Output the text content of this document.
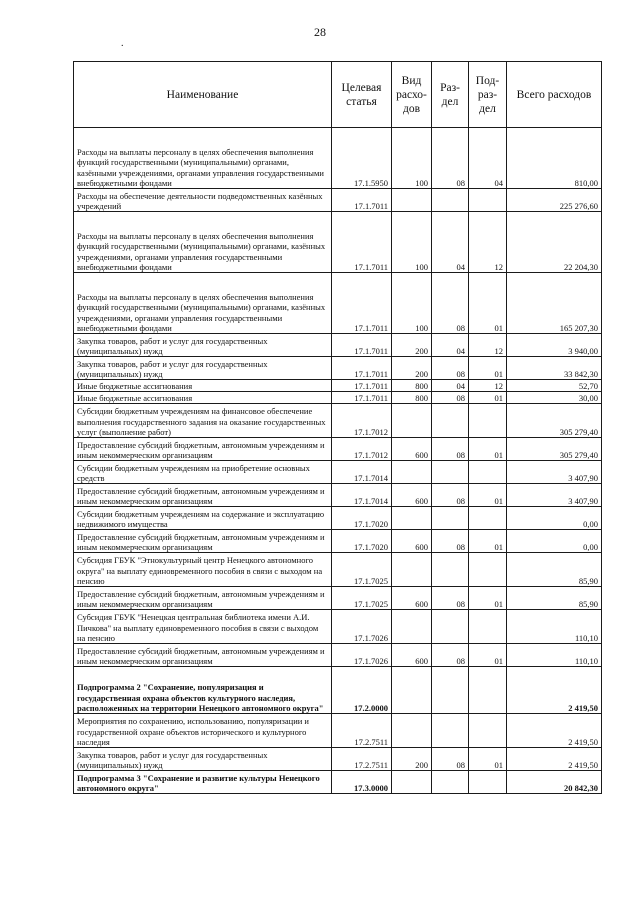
28
.
Наименование	Целевая статья	Вид расхо-дов	Раз-дел	Под-раз-дел	Всего расходов
Расходы на выплаты персоналу в целях обеспечения выполнения функций государственными (муниципальными) органами, казёнными учреждениями, органами управления государственными внебюджетными фондами	17.1.5950	100	08	04	810,00
Расходы на обеспечение деятельности подведомственных казённых учреждений	17.1.7011				225 276,60
Расходы на выплаты персоналу в целях обеспечения выполнения функций государственными (муниципальными) органами, казённых учреждениями, органами управления государственными внебюджетными фондами	17.1.7011	100	04	12	22 204,30
Расходы на выплаты персоналу в целях обеспечения выполнения функций государственными (муниципальными) органами, казённых учреждениями, органами управления государственными внебюджетными фондами	17.1.7011	100	08	01	165 207,30
Закупка товаров, работ и услуг для государственных (муниципальных) нужд	17.1.7011	200	04	12	3 940,00
Закупка товаров, работ и услуг для государственных (муниципальных) нужд	17.1.7011	200	08	01	33 842,30
Иные бюджетные ассигнования	17.1.7011	800	04	12	52,70
Иные бюджетные ассигнования	17.1.7011	800	08	01	30,00
Субсидии бюджетным учреждениям на финансовое обеспечение выполнения государственного задания на оказание государственных услуг (выполнение работ)	17.1.7012				305 279,40
Предоставление субсидий бюджетным, автономным учреждениям и иным некоммерческим организациям	17.1.7012	600	08	01	305 279,40
Субсидии бюджетным учреждениям на приобретение основных средств	17.1.7014				3 407,90
Предоставление субсидий бюджетным, автономным учреждениям и иным некоммерческим организациям	17.1.7014	600	08	01	3 407,90
Субсидии бюджетным учреждениям на содержание и эксплуатацию недвижимого имущества	17.1.7020				0,00
Предоставление субсидий бюджетным, автономным учреждениям и иным некоммерческим организациям	17.1.7020	600	08	01	0,00
Субсидия ГБУК "Этнокультурный центр Ненецкого автономного округа" на выплату единовременного пособия в связи с выходом на пенсию	17.1.7025				85,90
Предоставление субсидий бюджетным, автономным учреждениям и иным некоммерческим организациям	17.1.7025	600	08	01	85,90
Субсидия ГБУК "Ненецкая центральная библиотека имени А.И. Пичкова" на выплату единовременного пособия в связи с выходом на пенсию	17.1.7026				110,10
Предоставление субсидий бюджетным, автономным учреждениям и иным некоммерческим организациям	17.1.7026	600	08	01	110,10
Подпрограмма 2 "Сохранение, популяризация и государственная охрана объектов культурного наследия, расположенных на территории Ненецкого автономного округа"	17.2.0000				2 419,50
Мероприятия по сохранению, использованию, популяризации и государственной охране объектов исторического и культурного наследия	17.2.7511				2 419,50
Закупка товаров, работ и услуг для государственных (муниципальных) нужд	17.2.7511	200	08	01	2 419,50
Подпрограмма 3 "Сохранение и развитие культуры Ненецкого автономного округа"	17.3.0000				20 842,30
